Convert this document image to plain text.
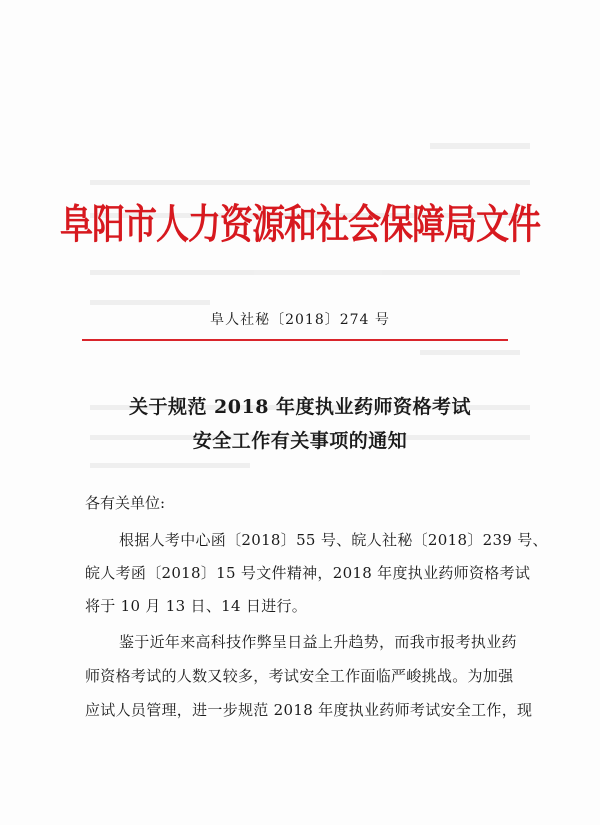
阜阳市人力资源和社会保障局文件
阜人社秘〔2018〕274 号
关于规范 2018 年度执业药师资格考试
安全工作有关事项的通知
各有关单位:
根据人考中心函〔2018〕55 号、皖人社秘〔2018〕239 号、
皖人考函〔2018〕15 号文件精神，2018 年度执业药师资格考试
将于 10 月 13 日、14 日进行。
鉴于近年来高科技作弊呈日益上升趋势，而我市报考执业药
师资格考试的人数又较多，考试安全工作面临严峻挑战。为加强
应试人员管理，进一步规范 2018 年度执业药师考试安全工作，现
